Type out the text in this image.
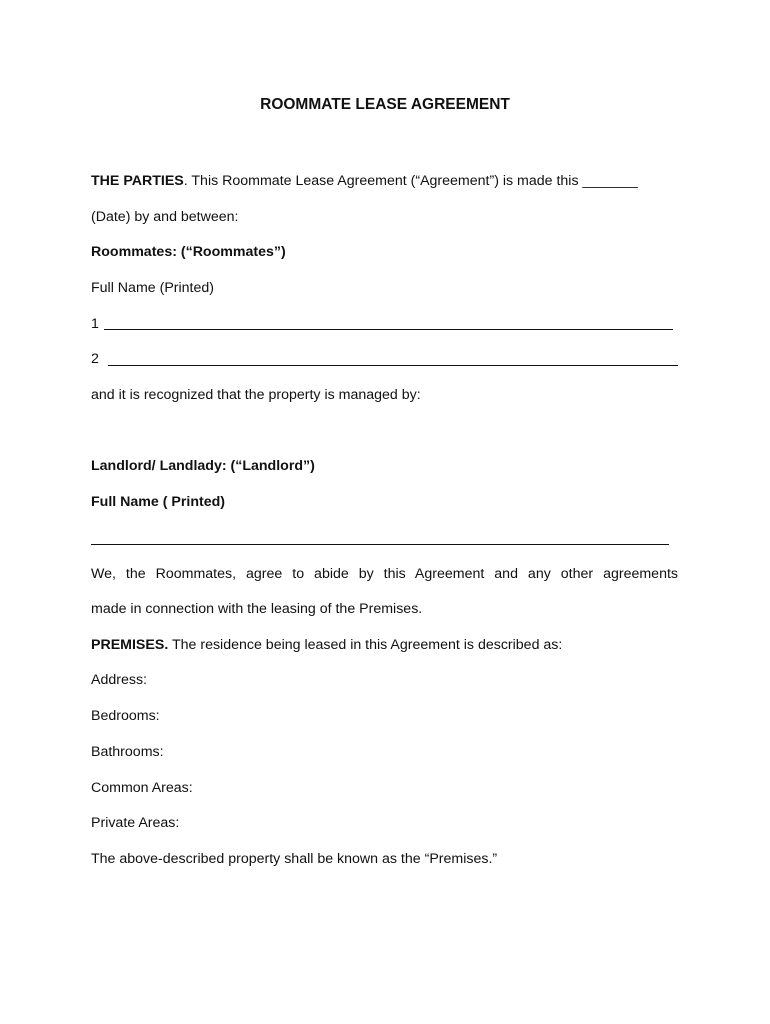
ROOMMATE LEASE AGREEMENT
THE PARTIES. This Roommate Lease Agreement (“Agreement”) is made this _______
(Date) by and between:
Roommates: (“Roommates”)
Full Name (Printed)
1
2
and it is recognized that the property is managed by:
Landlord/ Landlady: (“Landlord”)
Full Name ( Printed)
We, the Roommates, agree to abide by this Agreement and any other agreements
made in connection with the leasing of the Premises.
PREMISES. The residence being leased in this Agreement is described as:
Address:
Bedrooms:
Bathrooms:
Common Areas:
Private Areas:
The above-described property shall be known as the “Premises.”
